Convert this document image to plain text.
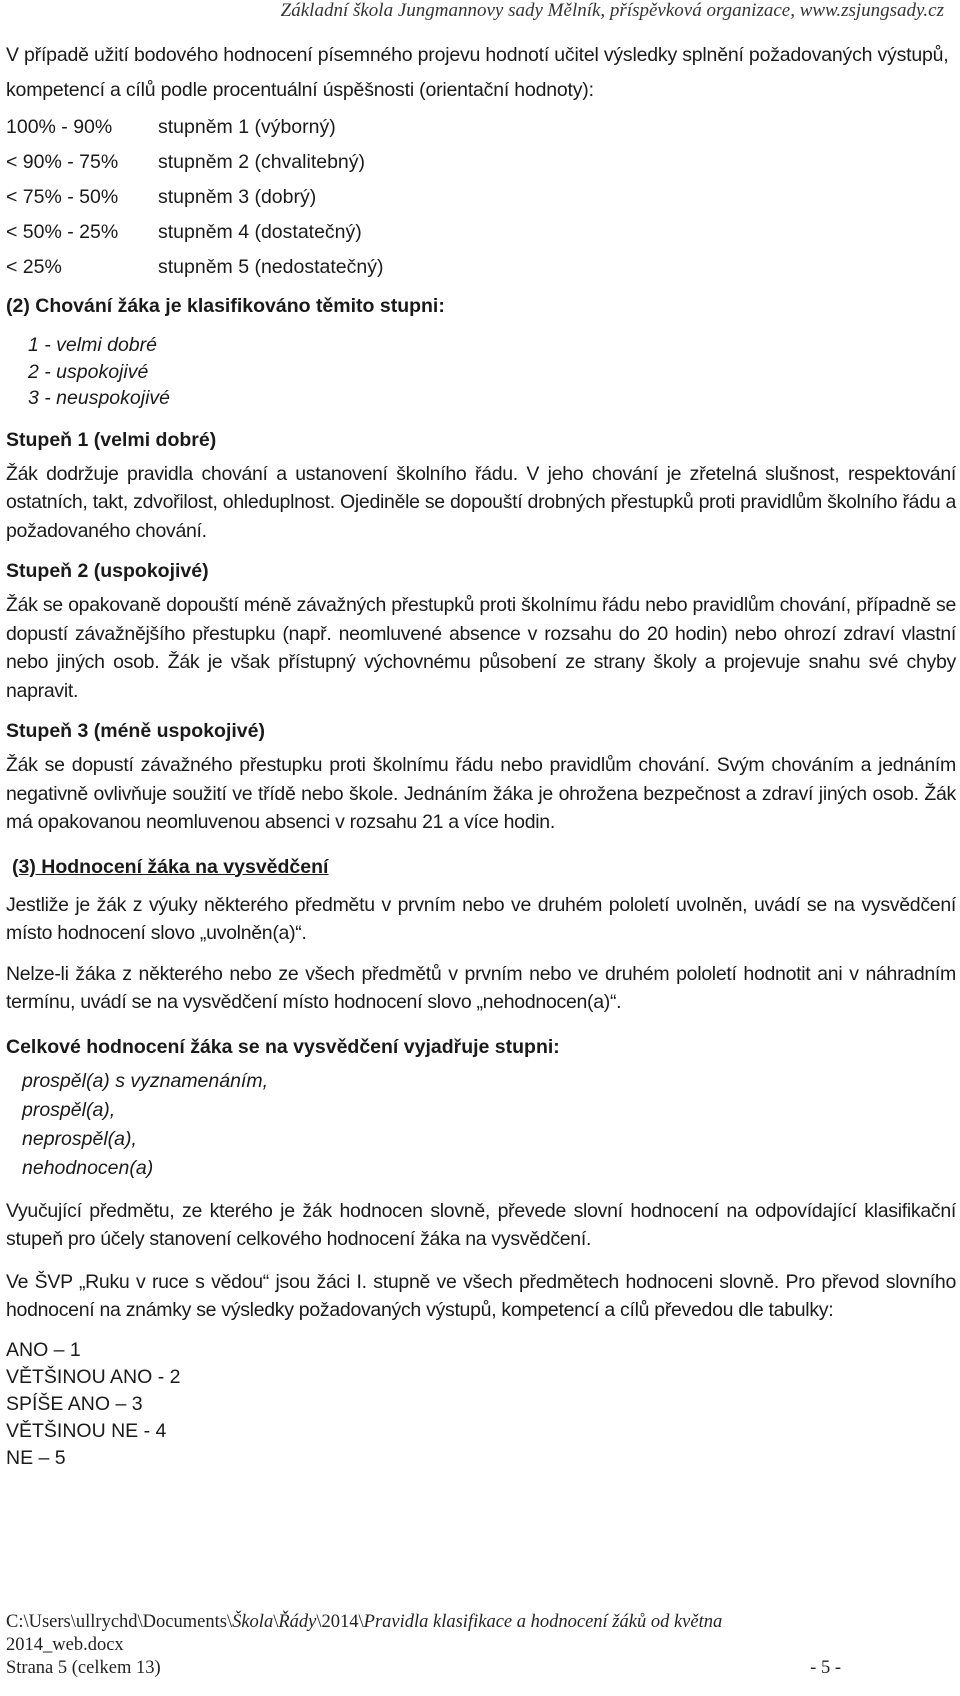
Základní škola Jungmannovy sady Mělník, příspěvková organizace, www.zsjungsady.cz

V případě užití bodového hodnocení písemného projevu hodnotí učitel výsledky splnění požadovaných výstupů, kompetencí a cílů podle procentuální úspěšnosti (orientační hodnoty):

100% - 90%	stupněm 1 (výborný)
< 90% - 75%	stupněm 2 (chvalitebný)
< 75% - 50%	stupněm 3 (dobrý)
< 50% - 25%	stupněm 4 (dostatečný)
< 25%	stupněm 5 (nedostatečný)

(2) Chování žáka je klasifikováno těmito stupni:

1 - velmi dobré

2 - uspokojivé

3 - neuspokojivé

Stupeň 1 (velmi dobré)

Žák dodržuje pravidla chování a ustanovení školního řádu. V jeho chování je zřetelná slušnost, respektování ostatních, takt, zdvořilost, ohleduplnost. Ojediněle se dopouští drobných přestupků proti pravidlům školního řádu a požadovaného chování.

Stupeň 2 (uspokojivé)

Žák se opakovaně dopouští méně závažných přestupků proti školnímu řádu nebo pravidlům chování, případně se dopustí závažnějšího přestupku (např. neomluvené absence v rozsahu do 20 hodin) nebo ohrozí zdraví vlastní nebo jiných osob. Žák je však přístupný výchovnému působení ze strany školy a projevuje snahu své chyby napravit.

Stupeň 3 (méně uspokojivé)

Žák se dopustí závažného přestupku proti školnímu řádu nebo pravidlům chování. Svým chováním a jednáním negativně ovlivňuje soužití ve třídě nebo škole. Jednáním žáka je ohrožena bezpečnost a zdraví jiných osob. Žák má opakovanou neomluvenou absenci v rozsahu 21 a více hodin.

(3) Hodnocení žáka na vysvědčení

Jestliže je žák z výuky některého předmětu v prvním nebo ve druhém pololetí uvolněn, uvádí se na vysvědčení místo hodnocení slovo „uvolněn(a)“.

Nelze-li žáka z některého nebo ze všech předmětů v prvním nebo ve druhém pololetí hodnotit ani v náhradním termínu, uvádí se na vysvědčení místo hodnocení slovo „nehodnocen(a)“.

Celkové hodnocení žáka se na vysvědčení vyjadřuje stupni:

prospěl(a) s vyznamenáním,

prospěl(a),

neprospěl(a),

nehodnocen(a)

Vyučující předmětu, ze kterého je žák hodnocen slovně, převede slovní hodnocení na odpovídající klasifikační stupeň pro účely stanovení celkového hodnocení žáka na vysvědčení.

Ve ŠVP „Ruku v ruce s vědou“ jsou žáci I. stupně ve všech předmětech hodnoceni slovně. Pro převod slovního hodnocení na známky se výsledky požadovaných výstupů, kompetencí a cílů převedou dle tabulky:

ANO – 1

VĚTŠINOU ANO - 2

SPÍŠE ANO – 3

VĚTŠINOU NE - 4

NE – 5

C:\Users\ullrychd\Documents\Škola\Řády\2014\Pravidla klasifikace a hodnocení žáků od května
2014_web.docx
Strana 5 (celkem 13)	- 5 -
